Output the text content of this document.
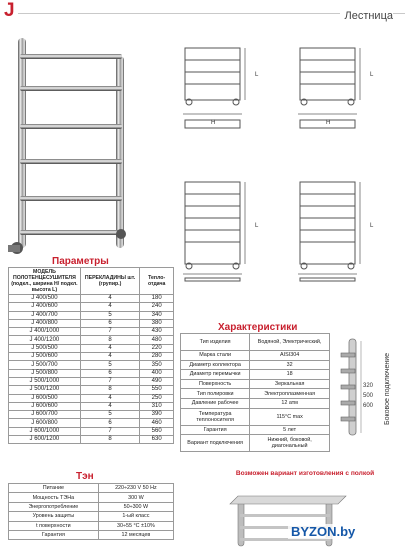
J	Лестница
L
H
L
H
L	L
Параметры
МОДЕЛЬ ПОЛОТЕНЦЕСУШИТЕЛЯ (подкл., ширина H/ подкл. высота L)	ПЕРЕКЛАДИНЫ шт. (групир.)	Тепло- отдача
J 400/500	4	180
J 400/600	4	240
J 400/700	5	340
J 400/800	6	380
J 400/1000	7	430
J 400/1200	8	480
J 500/500	4	220
J 500/600	4	280
J 500/700	5	350
J 500/800	6	400
J 500/1000	7	490
J 500/1200	8	550
J 600/500	4	250
J 600/600	4	310
J 600/700	5	390
J 600/800	6	460
J 600/1000	7	560
J 600/1200	8	630
Характеристики
Тип изделия	Водяной, Электрический,
Марка стали	AISI304
Диаметр коллектора	32
Диаметр перемычки	18
Поверхность	Зеркальная
Тип полировки	Электроплазменная
Давление рабочее	12 атм
Температура теплоносителя	115°C max
Гарантия	5 лет
Вариант подключения	Нижний, боковой, диагональный
320
500
600 Боковое подключение
Тэн
Питание	220÷230 V 50 Hz
Мощность ТЭНа	300 W
Энергопотребление	50÷300 W
Уровень защиты	1-ый класс
t поверхности	30÷55 °C ±10%
Гарантия	12 месяцев
Возможен вариант изготовления с полкой
BYZON.by
